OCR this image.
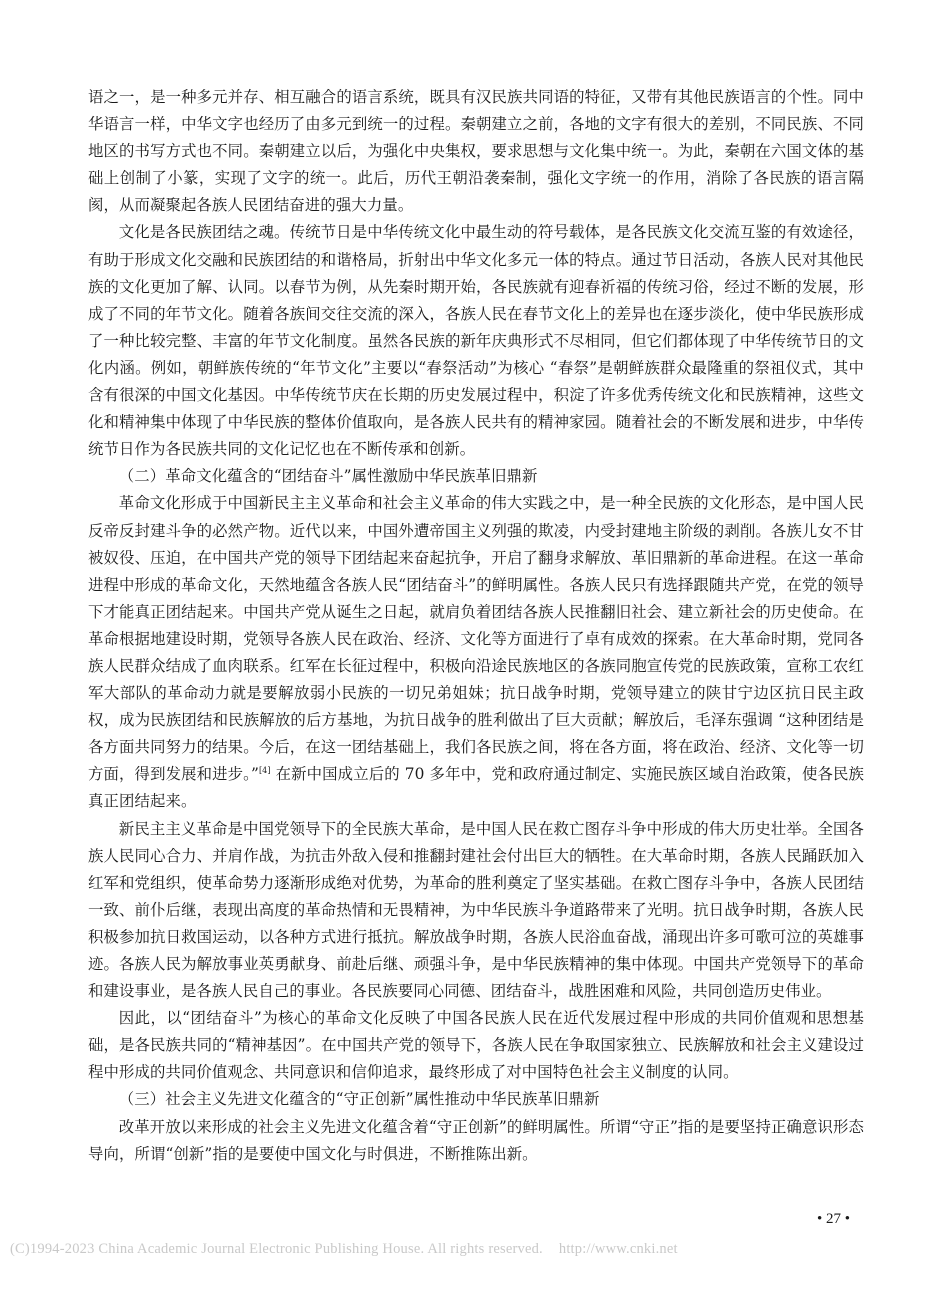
语之一，是一种多元并存、相互融合的语言系统，既具有汉民族共同语的特征，又带有其他民族语言的个性。同中华语言一样，中华文字也经历了由多元到统一的过程。秦朝建立之前，各地的文字有很大的差别，不同民族、不同地区的书写方式也不同。秦朝建立以后，为强化中央集权，要求思想与文化集中统一。为此，秦朝在六国文体的基础上创制了小篆，实现了文字的统一。此后，历代王朝沿袭秦制，强化文字统一的作用，消除了各民族的语言隔阂，从而凝聚起各族人民团结奋进的强大力量。

文化是各民族团结之魂。传统节日是中华传统文化中最生动的符号载体，是各民族文化交流互鉴的有效途径，有助于形成文化交融和民族团结的和谐格局，折射出中华文化多元一体的特点。通过节日活动，各族人民对其他民族的文化更加了解、认同。以春节为例，从先秦时期开始，各民族就有迎春祈福的传统习俗，经过不断的发展，形成了不同的年节文化。随着各族间交往交流的深入，各族人民在春节文化上的差异也在逐步淡化，使中华民族形成了一种比较完整、丰富的年节文化制度。虽然各民族的新年庆典形式不尽相同，但它们都体现了中华传统节日的文化内涵。例如，朝鲜族传统的“年节文化”主要以“春祭活动”为核心 “春祭”是朝鲜族群众最隆重的祭祖仪式，其中含有很深的中国文化基因。中华传统节庆在长期的历史发展过程中，积淀了许多优秀传统文化和民族精神，这些文化和精神集中体现了中华民族的整体价值取向，是各族人民共有的精神家园。随着社会的不断发展和进步，中华传统节日作为各民族共同的文化记忆也在不断传承和创新。

（二）革命文化蕴含的“团结奋斗”属性激励中华民族革旧鼎新

革命文化形成于中国新民主主义革命和社会主义革命的伟大实践之中，是一种全民族的文化形态，是中国人民反帝反封建斗争的必然产物。近代以来，中国外遭帝国主义列强的欺凌，内受封建地主阶级的剥削。各族儿女不甘被奴役、压迫，在中国共产党的领导下团结起来奋起抗争，开启了翻身求解放、革旧鼎新的革命进程。在这一革命进程中形成的革命文化，天然地蕴含各族人民“团结奋斗”的鲜明属性。各族人民只有选择跟随共产党，在党的领导下才能真正团结起来。中国共产党从诞生之日起，就肩负着团结各族人民推翻旧社会、建立新社会的历史使命。在革命根据地建设时期，党领导各族人民在政治、经济、文化等方面进行了卓有成效的探索。在大革命时期，党同各族人民群众结成了血肉联系。红军在长征过程中，积极向沿途民族地区的各族同胞宣传党的民族政策，宣称工农红军大部队的革命动力就是要解放弱小民族的一切兄弟姐妹；抗日战争时期，党领导建立的陕甘宁边区抗日民主政权，成为民族团结和民族解放的后方基地，为抗日战争的胜利做出了巨大贡献；解放后，毛泽东强调 “这种团结是各方面共同努力的结果。今后，在这一团结基础上，我们各民族之间，将在各方面，将在政治、经济、文化等一切方面，得到发展和进步。”[4] 在新中国成立后的 70 多年中，党和政府通过制定、实施民族区域自治政策，使各民族真正团结起来。

新民主主义革命是中国党领导下的全民族大革命，是中国人民在救亡图存斗争中形成的伟大历史壮举。全国各族人民同心合力、并肩作战，为抗击外敌入侵和推翻封建社会付出巨大的牺牲。在大革命时期，各族人民踊跃加入红军和党组织，使革命势力逐渐形成绝对优势，为革命的胜利奠定了坚实基础。在救亡图存斗争中，各族人民团结一致、前仆后继，表现出高度的革命热情和无畏精神，为中华民族斗争道路带来了光明。抗日战争时期，各族人民积极参加抗日救国运动，以各种方式进行抵抗。解放战争时期，各族人民浴血奋战，涌现出许多可歌可泣的英雄事迹。各族人民为解放事业英勇献身、前赴后继、顽强斗争，是中华民族精神的集中体现。中国共产党领导下的革命和建设事业，是各族人民自己的事业。各民族要同心同德、团结奋斗，战胜困难和风险，共同创造历史伟业。

因此，以“团结奋斗”为核心的革命文化反映了中国各民族人民在近代发展过程中形成的共同价值观和思想基础，是各民族共同的“精神基因”。在中国共产党的领导下，各族人民在争取国家独立、民族解放和社会主义建设过程中形成的共同价值观念、共同意识和信仰追求，最终形成了对中国特色社会主义制度的认同。

（三）社会主义先进文化蕴含的“守正创新”属性推动中华民族革旧鼎新

改革开放以来形成的社会主义先进文化蕴含着“守正创新”的鲜明属性。所谓“守正”指的是要坚持正确意识形态导向，所谓“创新”指的是要使中国文化与时俱进，不断推陈出新。

• 27 •
(C)1994-2023 China Academic Journal Electronic Publishing House. All rights reserved. http://www.cnki.net
